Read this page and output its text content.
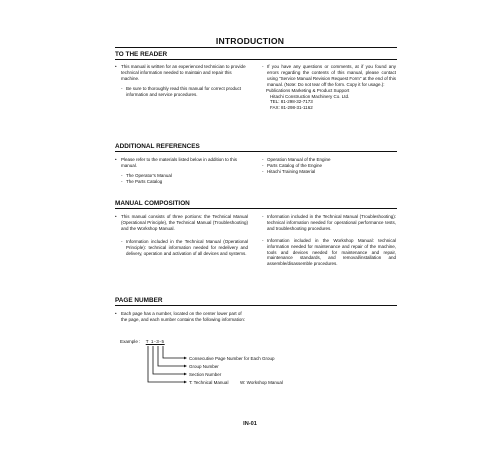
INTRODUCTION
TO THE READER

• This manual is written for an experienced technician to provide technical information needed to maintain and repair this machine.

- Be sure to thoroughly read this manual for correct product information and service procedures.

- If you have any questions or comments, at if you found any errors regarding the contents of this manual, please contact using "Service Manual Revision Request Form" at the end of this manual. (Note: Do not tear off the form. Copy it for usage.):

Publications Marketing & Product Support

Hitachi Construction Machinery Co. Ltd.

TEL: 81-298-32-7173

FAX: 81-298-31-1162

ADDITIONAL REFERENCES

• Please refer to the materials listed below in addition to this manual.

- The Operator's Manual

- The Parts Catalog

- Operation Manual of the Engine

- Parts Catalog of the Engine

- Hitachi Training Material

MANUAL COMPOSITION

• This manual consists of three portions: the Technical Manual (Operational Principle), the Technical Manual (Troubleshooting) and the Workshop Manual.

- Information included in the Technical Manual (Operational Principle): technical information needed for redelivery and delivery, operation and activation of all devices and systems.

- Information included in the Technical Manual (Troubleshooting): technical information needed for operational performance tests, and troubleshooting procedures.

- Information included in the Workshop Manual: technical information needed for maintenance and repair of the machine, tools and devices needed for maintenance and repair, maintenance standards, and removal/installation and assemble/disassemble procedures.

PAGE NUMBER

• Each page has a number, located on the center lower part of the page, and each number contains the following information:

Example : T 1-3-5
Consecutive Page Number for Each Group
Group Number
Section Number
T: Technical Manual	W: Workshop Manual
IN-01
